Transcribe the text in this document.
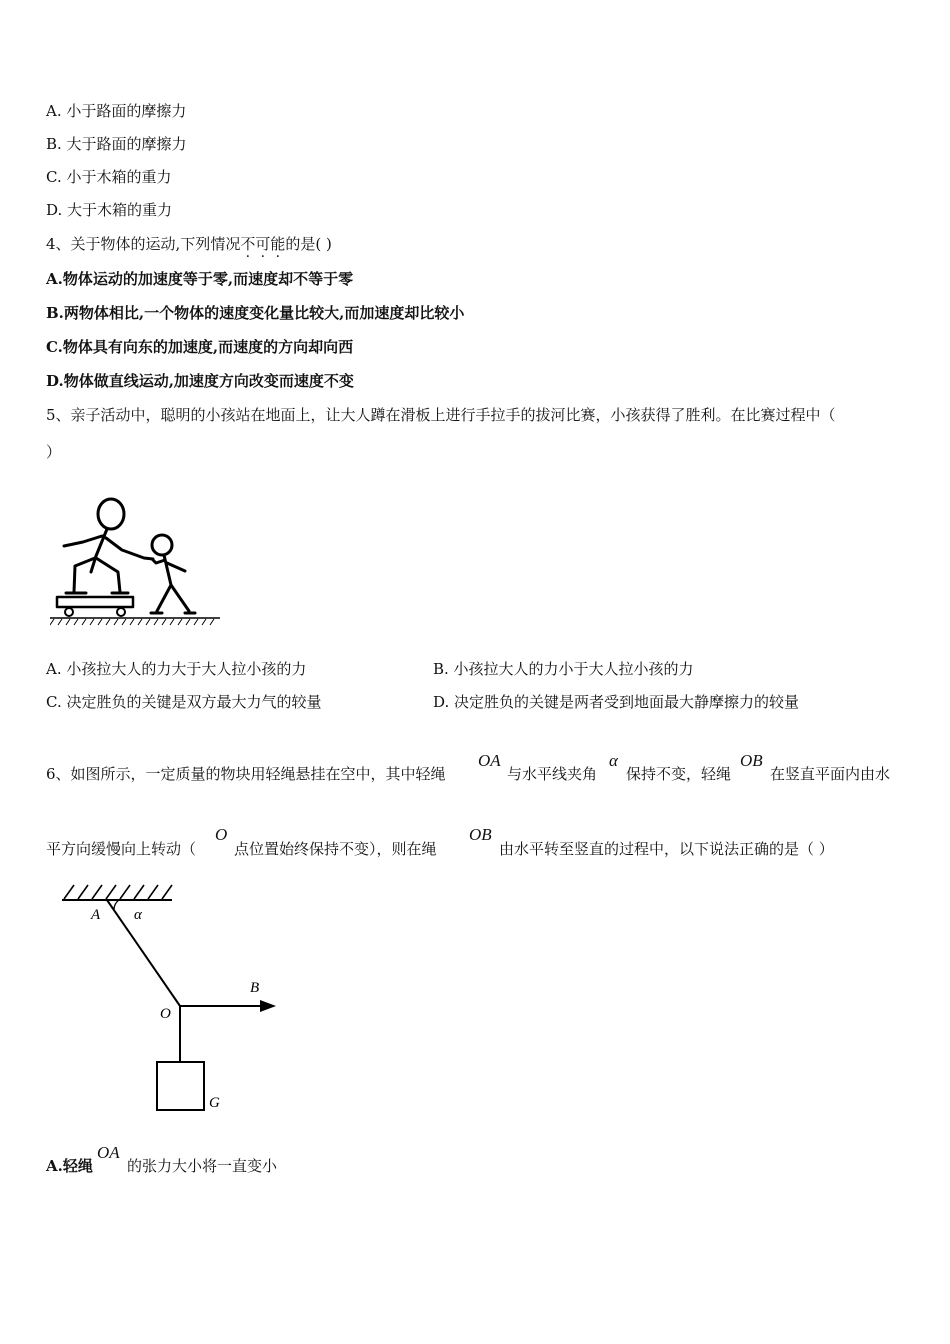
A. 小于路面的摩擦力
B. 大于路面的摩擦力
C. 小于木箱的重力
D. 大于木箱的重力
4、关于物体的运动,下列情况不可能的是( )
A.物体运动的加速度等于零,而速度却不等于零
B.两物体相比,一个物体的速度变化量比较大,而加速度却比较小
C.物体具有向东的加速度,而速度的方向却向西
D.物体做直线运动,加速度方向改变而速度不变
5、亲子活动中，聪明的小孩站在地面上，让大人蹲在滑板上进行手拉手的拔河比赛，小孩获得了胜利。在比赛过程中（
）
A. 小孩拉大人的力大于大人拉小孩的力	B. 小孩拉大人的力小于大人拉小孩的力
C. 决定胜负的关键是双方最大力气的较量	D. 决定胜负的关键是两者受到地面最大静摩擦力的较量
6、如图所示，一定质量的物块用轻绳悬挂在空中，其中轻绳
OA
与水平线夹角
α
保持不变，轻绳
OB
在竖直平面内由水
平方向缓慢向上转动（
O
点位置始终保持不变），则在绳
OB
由水平转至竖直的过程中，以下说法正确的是（ ）
A α
O
B
G
A.轻绳
OA
的张力大小将一直变小
